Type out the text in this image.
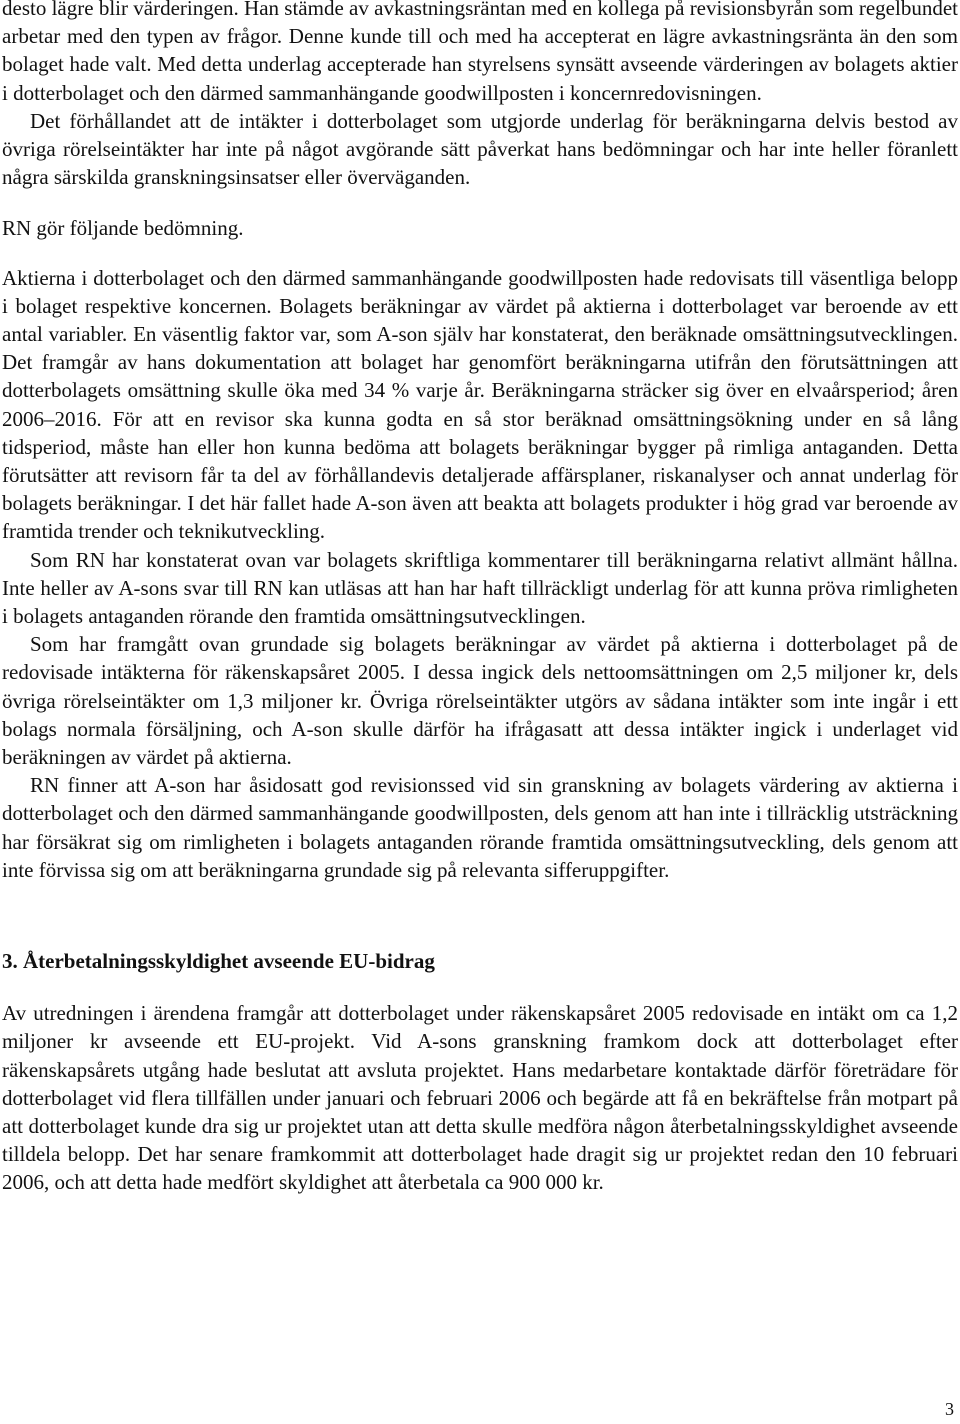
desto lägre blir värderingen. Han stämde av avkastningsräntan med en kollega på revisionsbyrån som regelbundet arbetar med den typen av frågor. Denne kunde till och med ha accepterat en lägre avkastningsränta än den som bolaget hade valt. Med detta underlag accepterade han styrelsens synsätt avseende värderingen av bolagets aktier i dotterbolaget och den därmed sammanhängande goodwillposten i koncernredovisningen.

Det förhållandet att de intäkter i dotterbolaget som utgjorde underlag för beräkningarna delvis bestod av övriga rörelseintäkter har inte på något avgörande sätt påverkat hans bedömningar och har inte heller föranlett några särskilda granskningsinsatser eller överväganden.

RN gör följande bedömning.

Aktierna i dotterbolaget och den därmed sammanhängande goodwillposten hade redovisats till väsentliga belopp i bolaget respektive koncernen. Bolagets beräkningar av värdet på aktierna i dotterbolaget var beroende av ett antal variabler. En väsentlig faktor var, som A-son själv har konstaterat, den beräknade omsättningsutvecklingen. Det framgår av hans dokumentation att bolaget har genomfört beräkningarna utifrån den förutsättningen att dotterbolagets omsättning skulle öka med 34 % varje år. Beräkningarna sträcker sig över en elvaårsperiod; åren 2006–2016. För att en revisor ska kunna godta en så stor beräknad omsättningsökning under en så lång tidsperiod, måste han eller hon kunna bedöma att bolagets beräkningar bygger på rimliga antaganden. Detta förutsätter att revisorn får ta del av förhållandevis detaljerade affärsplaner, riskanalyser och annat underlag för bolagets beräkningar. I det här fallet hade A-son även att beakta att bolagets produkter i hög grad var beroende av framtida trender och teknikutveckling.

Som RN har konstaterat ovan var bolagets skriftliga kommentarer till beräkningarna relativt allmänt hållna. Inte heller av A-sons svar till RN kan utläsas att han har haft tillräckligt underlag för att kunna pröva rimligheten i bolagets antaganden rörande den framtida omsättningsutvecklingen.

Som har framgått ovan grundade sig bolagets beräkningar av värdet på aktierna i dotterbolaget på de redovisade intäkterna för räkenskapsåret 2005. I dessa ingick dels nettoomsättningen om 2,5 miljoner kr, dels övriga rörelseintäkter om 1,3 miljoner kr. Övriga rörelseintäkter utgörs av sådana intäkter som inte ingår i ett bolags normala försäljning, och A-son skulle därför ha ifrågasatt att dessa intäkter ingick i underlaget vid beräkningen av värdet på aktierna.

RN finner att A-son har åsidosatt god revisionssed vid sin granskning av bolagets värdering av aktierna i dotterbolaget och den därmed sammanhängande goodwillposten, dels genom att han inte i tillräcklig utsträckning har försäkrat sig om rimligheten i bolagets antaganden rörande framtida omsättningsutveckling, dels genom att inte förvissa sig om att beräkningarna grundade sig på relevanta sifferuppgifter.

3. Återbetalningsskyldighet avseende EU-bidrag

Av utredningen i ärendena framgår att dotterbolaget under räkenskapsåret 2005 redovisade en intäkt om ca 1,2 miljoner kr avseende ett EU-projekt. Vid A-sons granskning framkom dock att dotterbolaget efter räkenskapsårets utgång hade beslutat att avsluta projektet. Hans medarbetare kontaktade därför företrädare för dotterbolaget vid flera tillfällen under januari och februari 2006 och begärde att få en bekräftelse från motpart på att dotterbolaget kunde dra sig ur projektet utan att detta skulle medföra någon återbetalningsskyldighet avseende tilldela belopp. Det har senare framkommit att dotterbolaget hade dragit sig ur projektet redan den 10 februari 2006, och att detta hade medfört skyldighet att återbetala ca 900 000 kr.

3
